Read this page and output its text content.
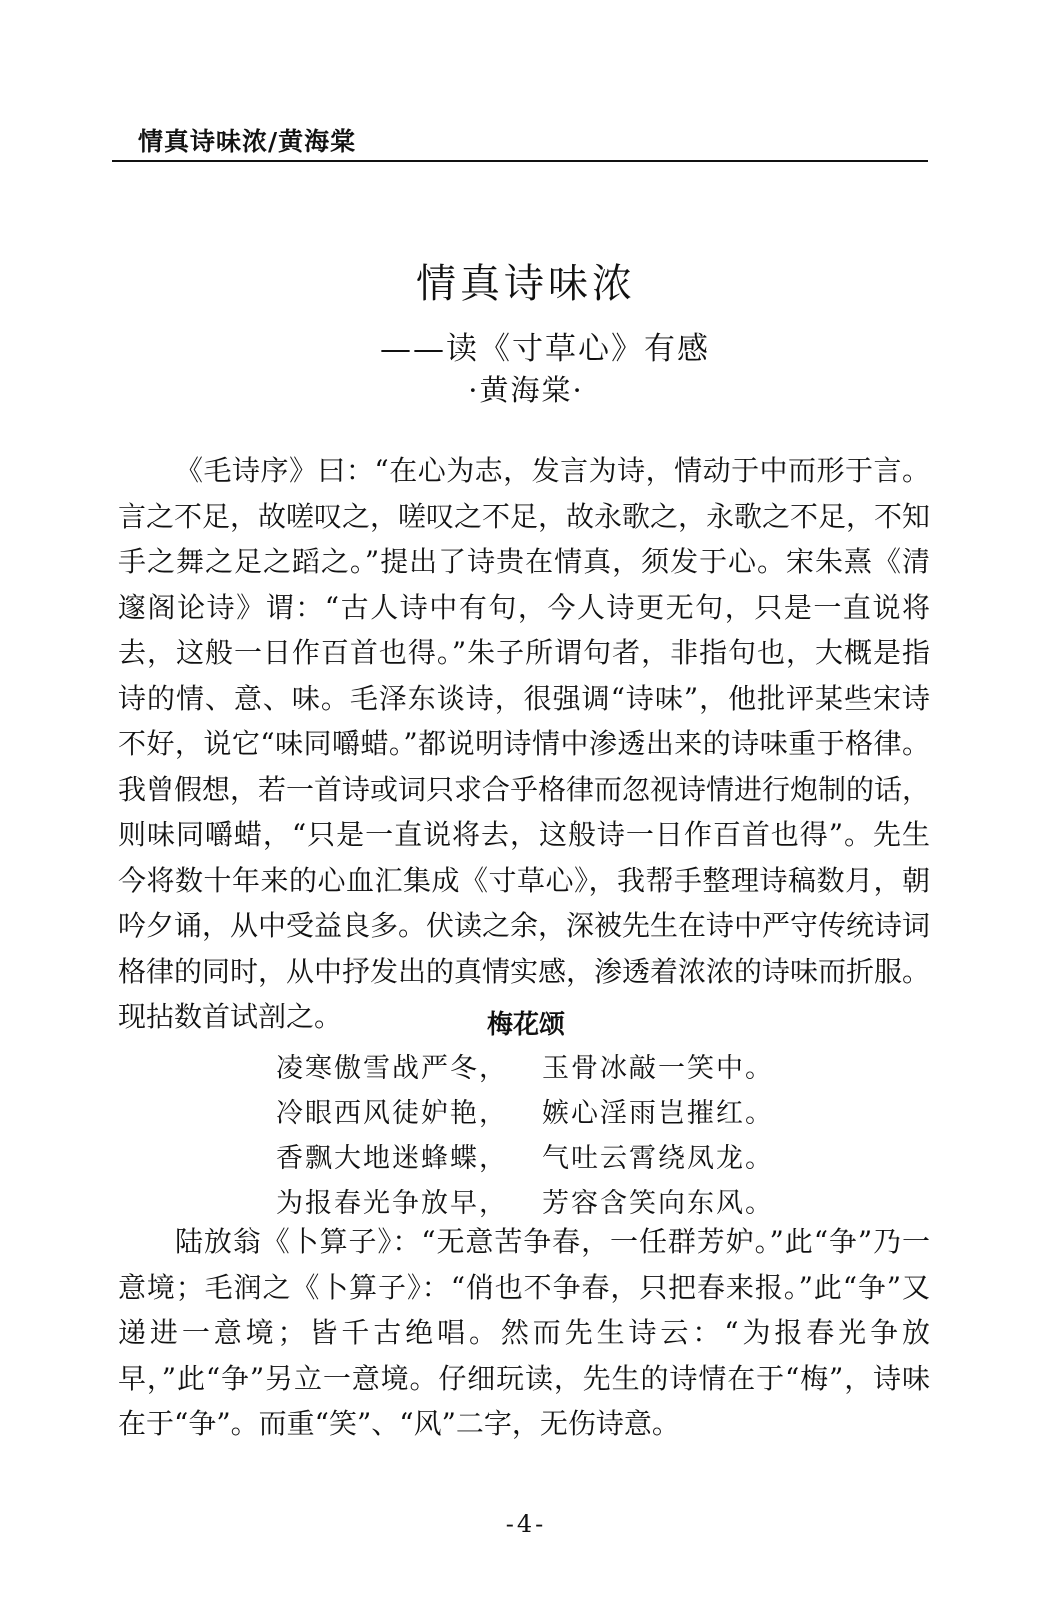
情真诗味浓/黄海棠
情真诗味浓
——读《寸草心》有感
·黄海棠·

《毛诗序》曰：“在心为志，发言为诗，情动于中而形于言。言之不足，故嗟叹之，嗟叹之不足，故永歌之，永歌之不足，不知手之舞之足之蹈之。”提出了诗贵在情真，须发于心。宋朱熹《清邃阁论诗》谓：“古人诗中有句，今人诗更无句，只是一直说将去，这般一日作百首也得。”朱子所谓句者，非指句也，大概是指诗的情、意、味。毛泽东谈诗，很强调“诗味”，他批评某些宋诗不好，说它“味同嚼蜡。”都说明诗情中渗透出来的诗味重于格律。我曾假想，若一首诗或词只求合乎格律而忽视诗情进行炮制的话，则味同嚼蜡，“只是一直说将去，这般诗一日作百首也得”。先生今将数十年来的心血汇集成《寸草心》，我帮手整理诗稿数月，朝吟夕诵，从中受益良多。伏读之余，深被先生在诗中严守传统诗词格律的同时，从中抒发出的真情实感，渗透着浓浓的诗味而折服。现拈数首试剖之。	梅花颂
凌寒傲雪战严冬， 玉骨冰敲一笑中。
冷眼西风徒妒艳， 嫉心淫雨岂摧红。
香飘大地迷蜂蝶， 气吐云霄绕凤龙。
为报春光争放早， 芳容含笑向东风。

陆放翁《卜算子》：“无意苦争春，一任群芳妒。”此“争”乃一意境；毛润之《卜算子》：“俏也不争春，只把春来报。”此“争”又递进一意境；皆千古绝唱。然而先生诗云：“为报春光争放早，”此“争”另立一意境。仔细玩读，先生的诗情在于“梅”，诗味在于“争”。而重“笑”、“风”二字，无伤诗意。

-4-
